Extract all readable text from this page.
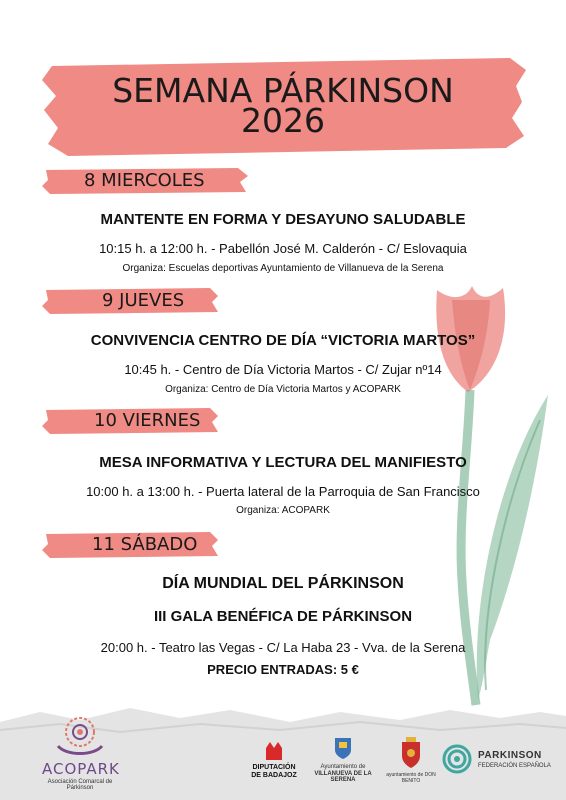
SEMANA PÁRKINSON
2026
8 MIERCOLES
MANTENTE EN FORMA Y DESAYUNO SALUDABLE
10:15 h. a 12:00 h. - Pabellón José M. Calderón - C/ Eslovaquia
Organiza: Escuelas deportivas Ayuntamiento de Villanueva de la Serena
9 JUEVES
CONVIVENCIA CENTRO DE DÍA “VICTORIA MARTOS”
10:45 h. - Centro de Día Victoria Martos - C/ Zujar nº14
Organiza: Centro de Día Victoria Martos y ACOPARK
10 VIERNES
MESA INFORMATIVA Y LECTURA DEL MANIFIESTO
10:00 h. a 13:00 h. - Puerta lateral de la Parroquia de San Francisco
Organiza: ACOPARK
11 SÁBADO
DÍA MUNDIAL DEL PÁRKINSON
III GALA BENÉFICA DE PÁRKINSON
20:00 h. - Teatro las Vegas - C/ La Haba 23 - Vva. de la Serena
PRECIO ENTRADAS: 5 €
ACOPARK
Asociación Comarcal de Párkinson
DIPUTACIÓN
DE BADAJOZ
Ayuntamiento de
VILLANUEVA DE LA SERENA
ayuntamiento de DON BENITO
PARKINSON
FEDERACIÓN ESPAÑOLA
